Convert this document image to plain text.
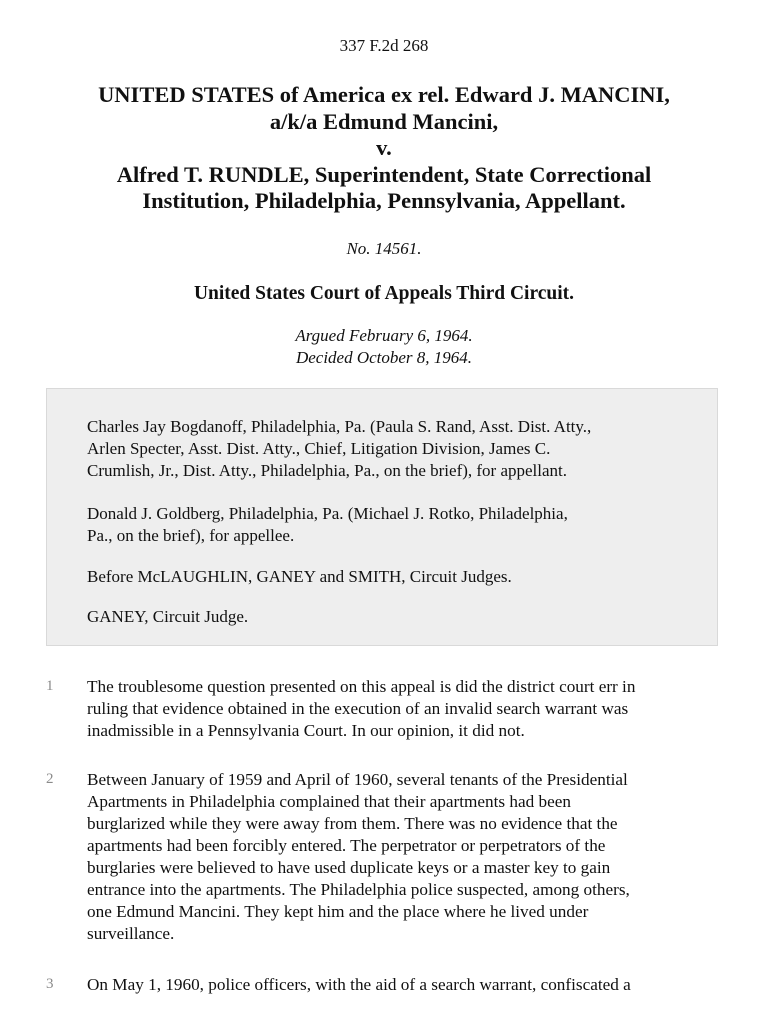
337 F.2d 268
UNITED STATES of America ex rel. Edward J. MANCINI,
a/k/a Edmund Mancini,
v.
Alfred T. RUNDLE, Superintendent, State Correctional
Institution, Philadelphia, Pennsylvania, Appellant.
No. 14561.
United States Court of Appeals Third Circuit.
Argued February 6, 1964.
Decided October 8, 1964.
Charles Jay Bogdanoff, Philadelphia, Pa. (Paula S. Rand, Asst. Dist. Atty.,
Arlen Specter, Asst. Dist. Atty., Chief, Litigation Division, James C.
Crumlish, Jr., Dist. Atty., Philadelphia, Pa., on the brief), for appellant.
Donald J. Goldberg, Philadelphia, Pa. (Michael J. Rotko, Philadelphia,
Pa., on the brief), for appellee.
Before McLAUGHLIN, GANEY and SMITH, Circuit Judges.
GANEY, Circuit Judge.
1	The troublesome question presented on this appeal is did the district court err in
ruling that evidence obtained in the execution of an invalid search warrant was
inadmissible in a Pennsylvania Court. In our opinion, it did not.
2	Between January of 1959 and April of 1960, several tenants of the Presidential
Apartments in Philadelphia complained that their apartments had been
burglarized while they were away from them. There was no evidence that the
apartments had been forcibly entered. The perpetrator or perpetrators of the
burglaries were believed to have used duplicate keys or a master key to gain
entrance into the apartments. The Philadelphia police suspected, among others,
one Edmund Mancini. They kept him and the place where he lived under
surveillance.
3	On May 1, 1960, police officers, with the aid of a search warrant, confiscated a
